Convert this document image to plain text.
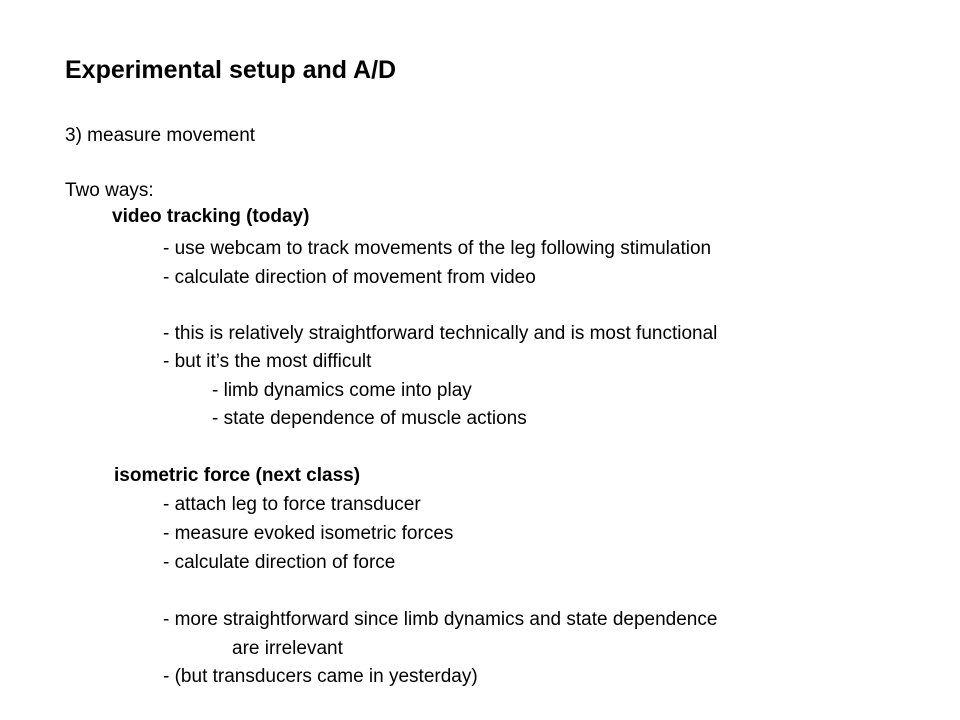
Experimental setup and A/D
3) measure movement
Two ways:
video tracking (today)
- use webcam to track movements of the leg following stimulation
- calculate direction of movement from video
- this is relatively straightforward technically and is most functional
- but it’s the most difficult
- limb dynamics come into play
- state dependence of muscle actions
isometric force (next class)
- attach leg to force transducer
- measure evoked isometric forces
- calculate direction of force
- more straightforward since limb dynamics and state dependence
are irrelevant
- (but transducers came in yesterday)
